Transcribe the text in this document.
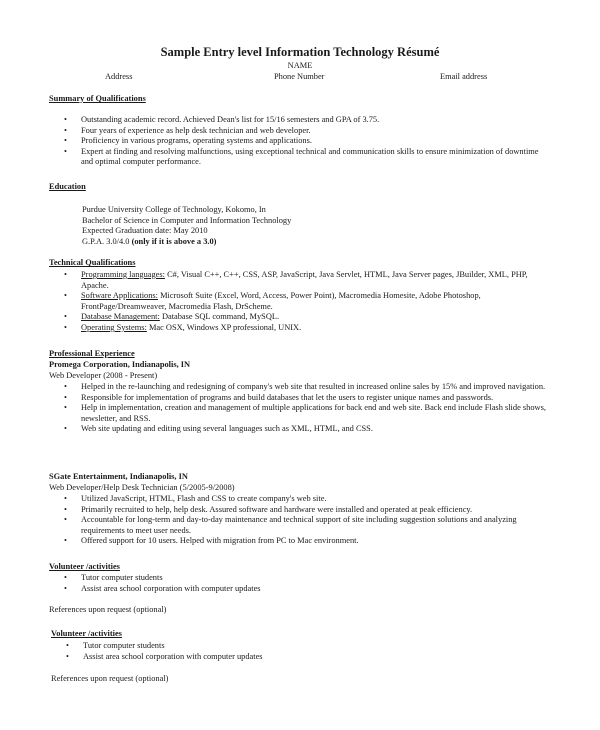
Sample Entry level Information Technology Résumé
NAME
Address	Phone Number	Email address
Summary of Qualifications
• Outstanding academic record. Achieved Dean's list for 15/16 semesters and GPA of 3.75.
• Four years of experience as help desk technician and web developer.
• Proficiency in various programs, operating systems and applications.
• Expert at finding and resolving malfunctions, using exceptional technical and communication skills to ensure minimization of downtime and optimal computer performance.
Education
Purdue University College of Technology, Kokomo, In
Bachelor of Science in Computer and Information Technology
Expected Graduation date: May 2010
G.P.A. 3.0/4.0 (only if it is above a 3.0)
Technical Qualifications
• Programming languages: C#, Visual C++, C++, CSS, ASP, JavaScript, Java Servlet, HTML, Java Server pages, JBuilder, XML, PHP, Apache.
• Software Applications: Microsoft Suite (Excel, Word, Access, Power Point), Macromedia Homesite, Adobe Photoshop, FrontPage/Dreamweaver, Macromedia Flash, DrScheme.
• Database Management: Database SQL command, MySQL.
• Operating Systems: Mac OSX, Windows XP professional, UNIX.
Professional Experience
Promega Corporation, Indianapolis, IN
Web Developer (2008 - Present)
• Helped in the re-launching and redesigning of company's web site that resulted in increased online sales by 15% and improved navigation.
• Responsible for implementation of programs and build databases that let the users to register unique names and passwords.
• Help in implementation, creation and management of multiple applications for back end and web site. Back end include Flash slide shows, newsletter, and RSS.
• Web site updating and editing using several languages such as XML, HTML, and CSS.
SGate Entertainment, Indianapolis, IN
Web Developer/Help Desk Technician (5/2005-9/2008)
• Utilized JavaScript, HTML, Flash and CSS to create company's web site.
• Primarily recruited to help, help desk. Assured software and hardware were installed and operated at peak efficiency.
• Accountable for long-term and day-to-day maintenance and technical support of site including suggestion solutions and analyzing requirements to meet user needs.
• Offered support for 10 users. Helped with migration from PC to Mac environment.
Volunteer /activities
• Tutor computer students
• Assist area school corporation with computer updates
References upon request (optional)
Volunteer /activities
• Tutor computer students
• Assist area school corporation with computer updates
References upon request (optional)
